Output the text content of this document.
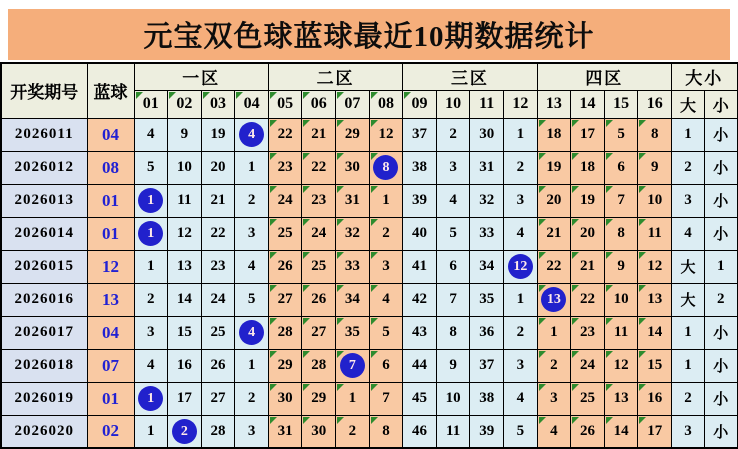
元宝双色球蓝球最近10期数据统计
开奖期号	蓝球	一区				二区				三区				四区				大小	

01	02	03	04	05	06	07	08	09	10	11	12	13	14	15	16	大	小
2026011	04	4	9	19	4	22	21	29	12	37	2	30	1	18	17	5	8	1	小
2026012	08	5	10	20	1	23	22	30	8	38	3	31	2	19	18	6	9	2	小
2026013	01	1	11	21	2	24	23	31	1	39	4	32	3	20	19	7	10	3	小
2026014	01	1	12	22	3	25	24	32	2	40	5	33	4	21	20	8	11	4	小
2026015	12	1	13	23	4	26	25	33	3	41	6	34	12	22	21	9	12	大	1
2026016	13	2	14	24	5	27	26	34	4	42	7	35	1	13	22	10	13	大	2
2026017	04	3	15	25	4	28	27	35	5	43	8	36	2	1	23	11	14	1	小
2026018	07	4	16	26	1	29	28	7	6	44	9	37	3	2	24	12	15	1	小
2026019	01	1	17	27	2	30	29	1	7	45	10	38	4	3	25	13	16	2	小
2026020	02	1	2	28	3	31	30	2	8	46	11	39	5	4	26	14	17	3	小
